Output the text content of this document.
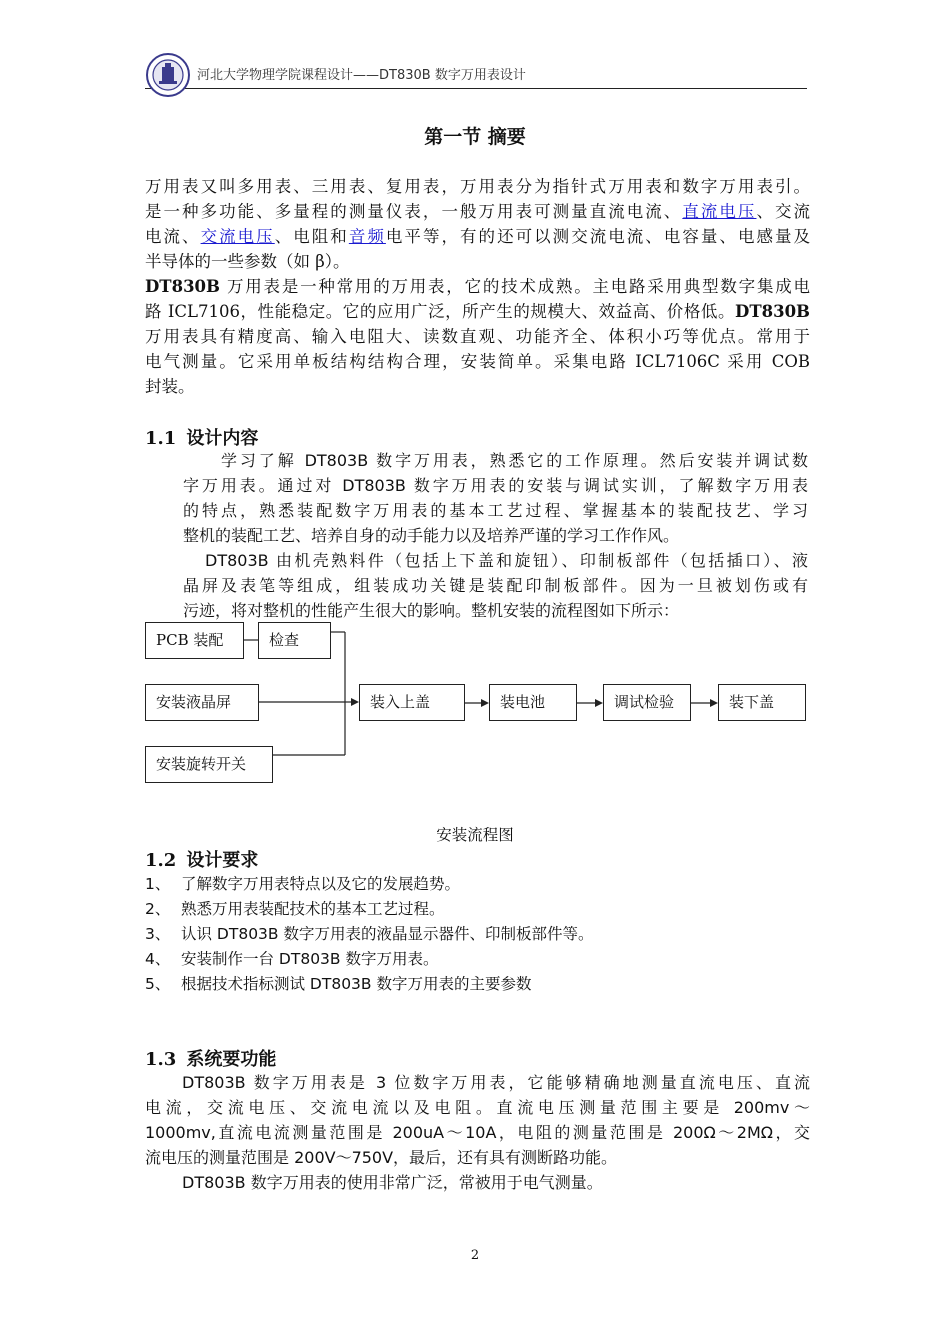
河北大学物理学院课程设计——DT830B 数字万用表设计
第一节 摘要
万用表又叫多用表、三用表、复用表，万用表分为指针式万用表和数字万用表引。
是一种多功能、多量程的测量仪表，一般万用表可测量直流电流、直流电压、交流
电流、交流电压、电阻和音频电平等，有的还可以测交流电流、电容量、电感量及
半导体的一些参数（如 β）。
DT830B 万用表是一种常用的万用表，它的技术成熟。主电路采用典型数字集成电
路 ICL7106，性能稳定。它的应用广泛，所产生的规模大、效益高、价格低。DT830B
万用表具有精度高、输入电阻大、读数直观、功能齐全、体积小巧等优点。常用于
电气测量。它采用单板结构结构合理，安装简单。采集电路 ICL7106C 采用 COB
封装。
1.1 设计内容
学习了解 DT803B 数字万用表，熟悉它的工作原理。然后安装并调试数
字万用表。通过对 DT803B 数字万用表的安装与调试实训，了解数字万用表
的特点，熟悉装配数字万用表的基本工艺过程、掌握基本的装配技艺、学习
整机的装配工艺、培养自身的动手能力以及培养严谨的学习工作作风。
DT803B 由机壳熟料件（包括上下盖和旋钮）、印制板部件（包括插口）、液
晶屏及表笔等组成，组装成功关键是装配印制板部件。因为一旦被划伤或有
污迹，将对整机的性能产生很大的影响。整机安装的流程图如下所示：
PCB 装配	检查
安装液晶屏
安装旋转开关
装入上盖	装电池	调试检验	装下盖
安装流程图
1.2 设计要求
1、 了解数字万用表特点以及它的发展趋势。
2、 熟悉万用表装配技术的基本工艺过程。
3、 认识 DT803B 数字万用表的液晶显示器件、印制板部件等。
4、 安装制作一台 DT803B 数字万用表。
5、 根据技术指标测试 DT803B 数字万用表的主要参数
1.3 系统要功能
DT803B 数字万用表是 3 位数字万用表，它能够精确地测量直流电压、直流
电流，交流电压、交流电流以及电阻。直流电压测量范围主要是 200mv～
1000mv,直流电流测量范围是 200uA～10A，电阻的测量范围是 200Ω～2MΩ，交
流电压的测量范围是 200V～750V，最后，还有具有测断路功能。
DT803B 数字万用表的使用非常广泛，常被用于电气测量。
2
